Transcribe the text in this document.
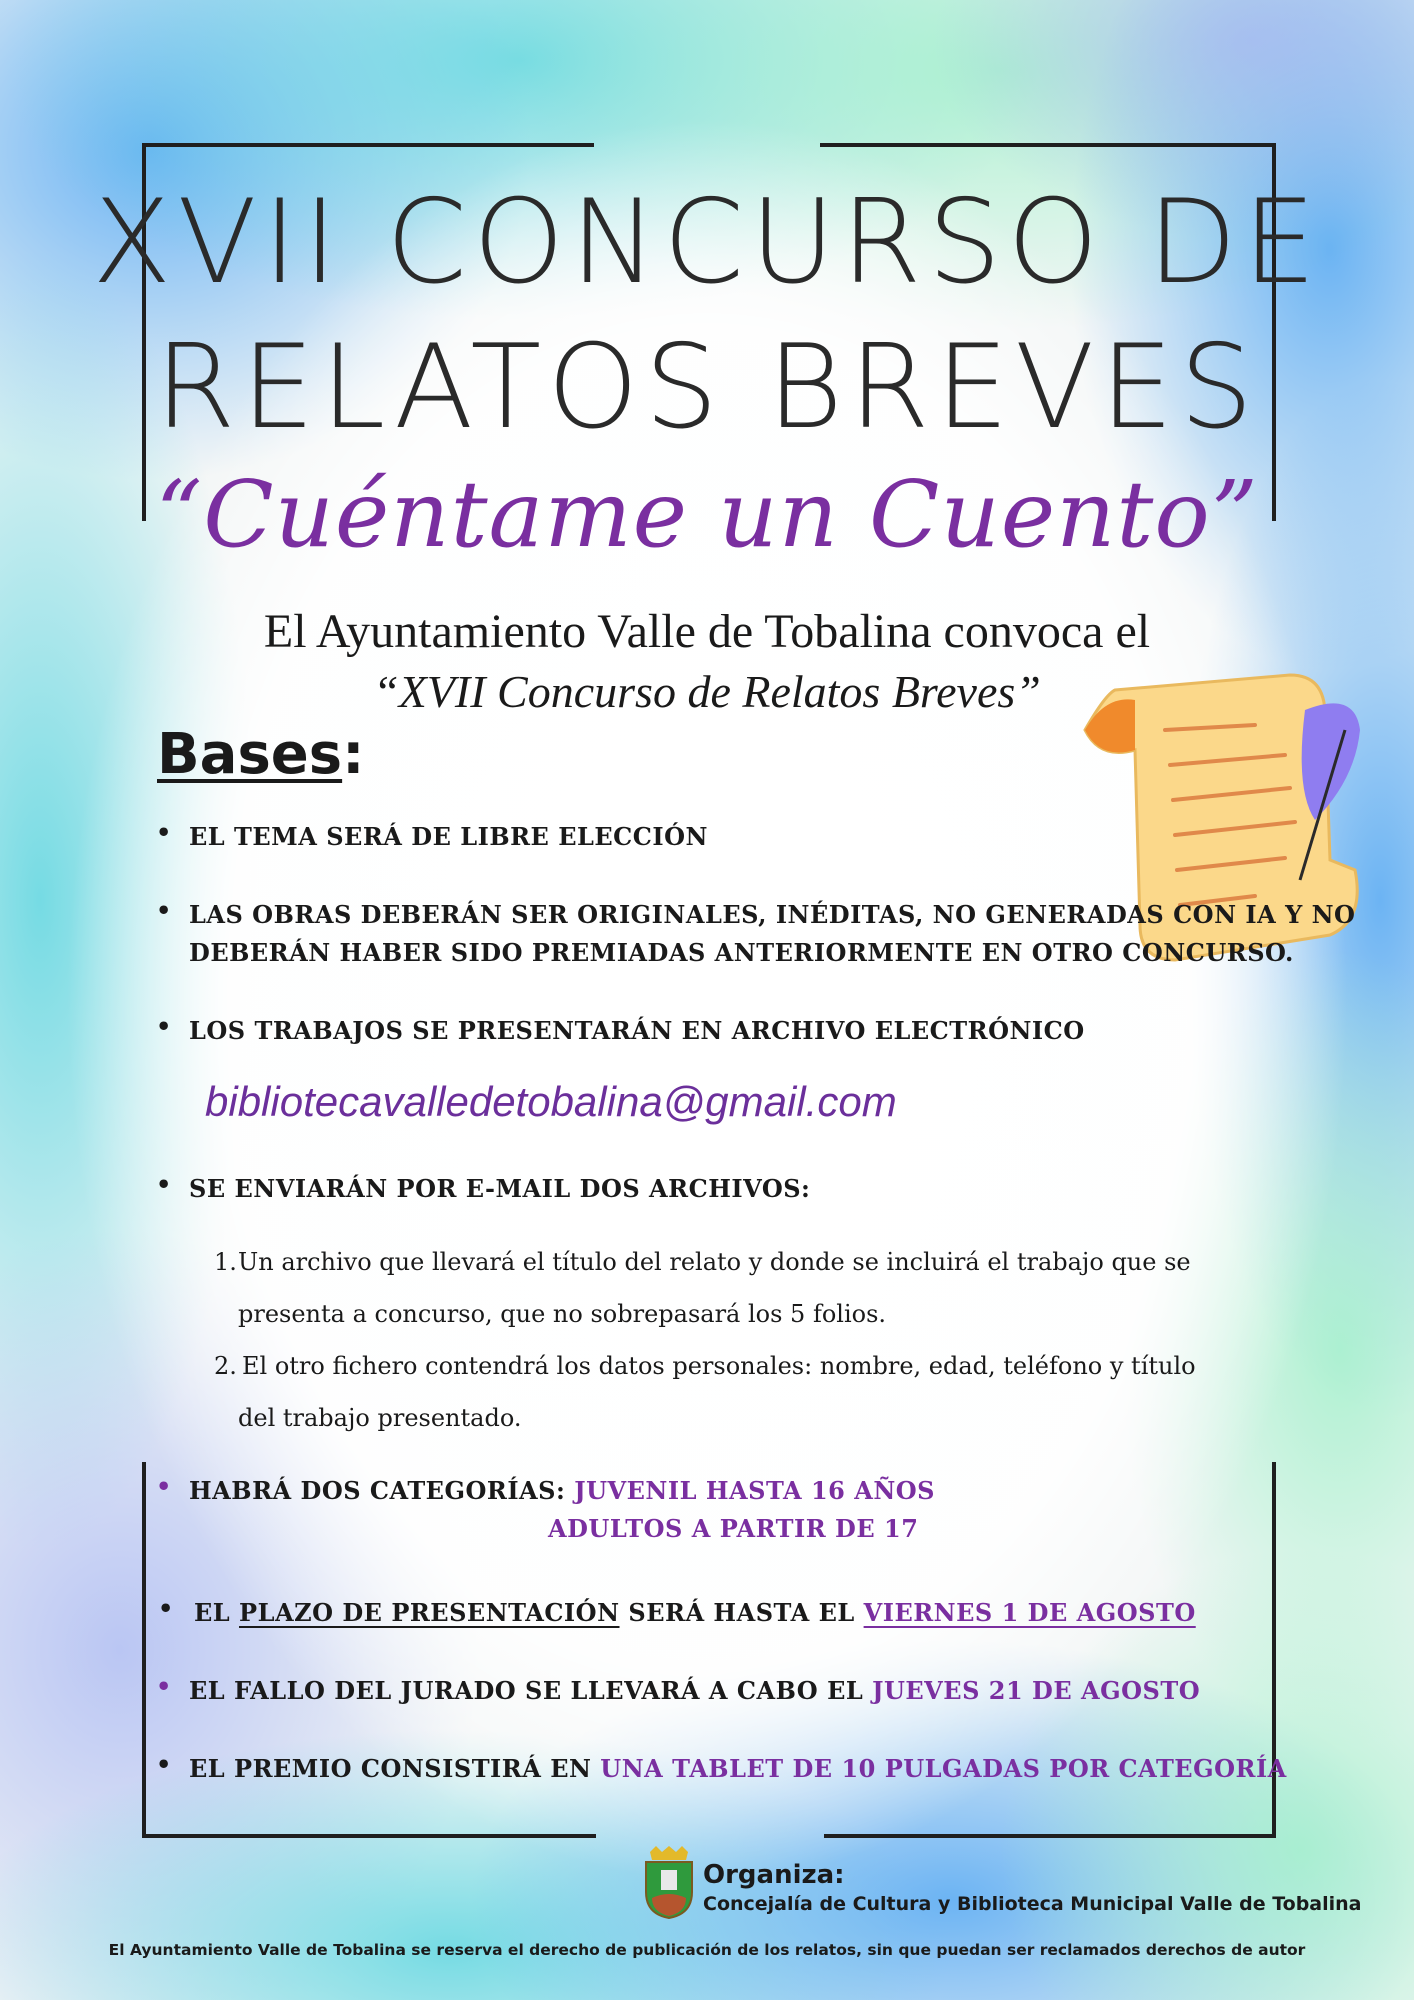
XVII CONCURSO DE
RELATOS BREVES
“Cuéntame un Cuento”
El Ayuntamiento Valle de Tobalina convoca el
“XVII Concurso de Relatos Breves”
Bases:
• EL TEMA SERÁ DE LIBRE ELECCIÓN
• LAS OBRAS DEBERÁN SER ORIGINALES, INÉDITAS, NO GENERADAS CON IA Y NO
DEBERÁN HABER SIDO PREMIADAS ANTERIORMENTE EN OTRO CONCURSO.
• LOS TRABAJOS SE PRESENTARÁN EN ARCHIVO ELECTRÓNICO
bibliotecavalledetobalina@gmail.com
• SE ENVIARÁN POR E-MAIL DOS ARCHIVOS:
1. Un archivo que llevará el título del relato y donde se incluirá el trabajo que se
presenta a concurso, que no sobrepasará los 5 folios.
2. El otro fichero contendrá los datos personales: nombre, edad, teléfono y título
del trabajo presentado.
• HABRÁ DOS CATEGORÍAS: JUVENIL HASTA 16 AÑOS
ADULTOS A PARTIR DE 17
• EL PLAZO DE PRESENTACIÓN SERÁ HASTA EL VIERNES 1 DE AGOSTO
• EL FALLO DEL JURADO SE LLEVARÁ A CABO EL JUEVES 21 DE AGOSTO
• EL PREMIO CONSISTIRÁ EN UNA TABLET DE 10 PULGADAS POR CATEGORÍA
Organiza:
Concejalía de Cultura y Biblioteca Municipal Valle de Tobalina
El Ayuntamiento Valle de Tobalina se reserva el derecho de publicación de los relatos, sin que puedan ser reclamados derechos de autor
